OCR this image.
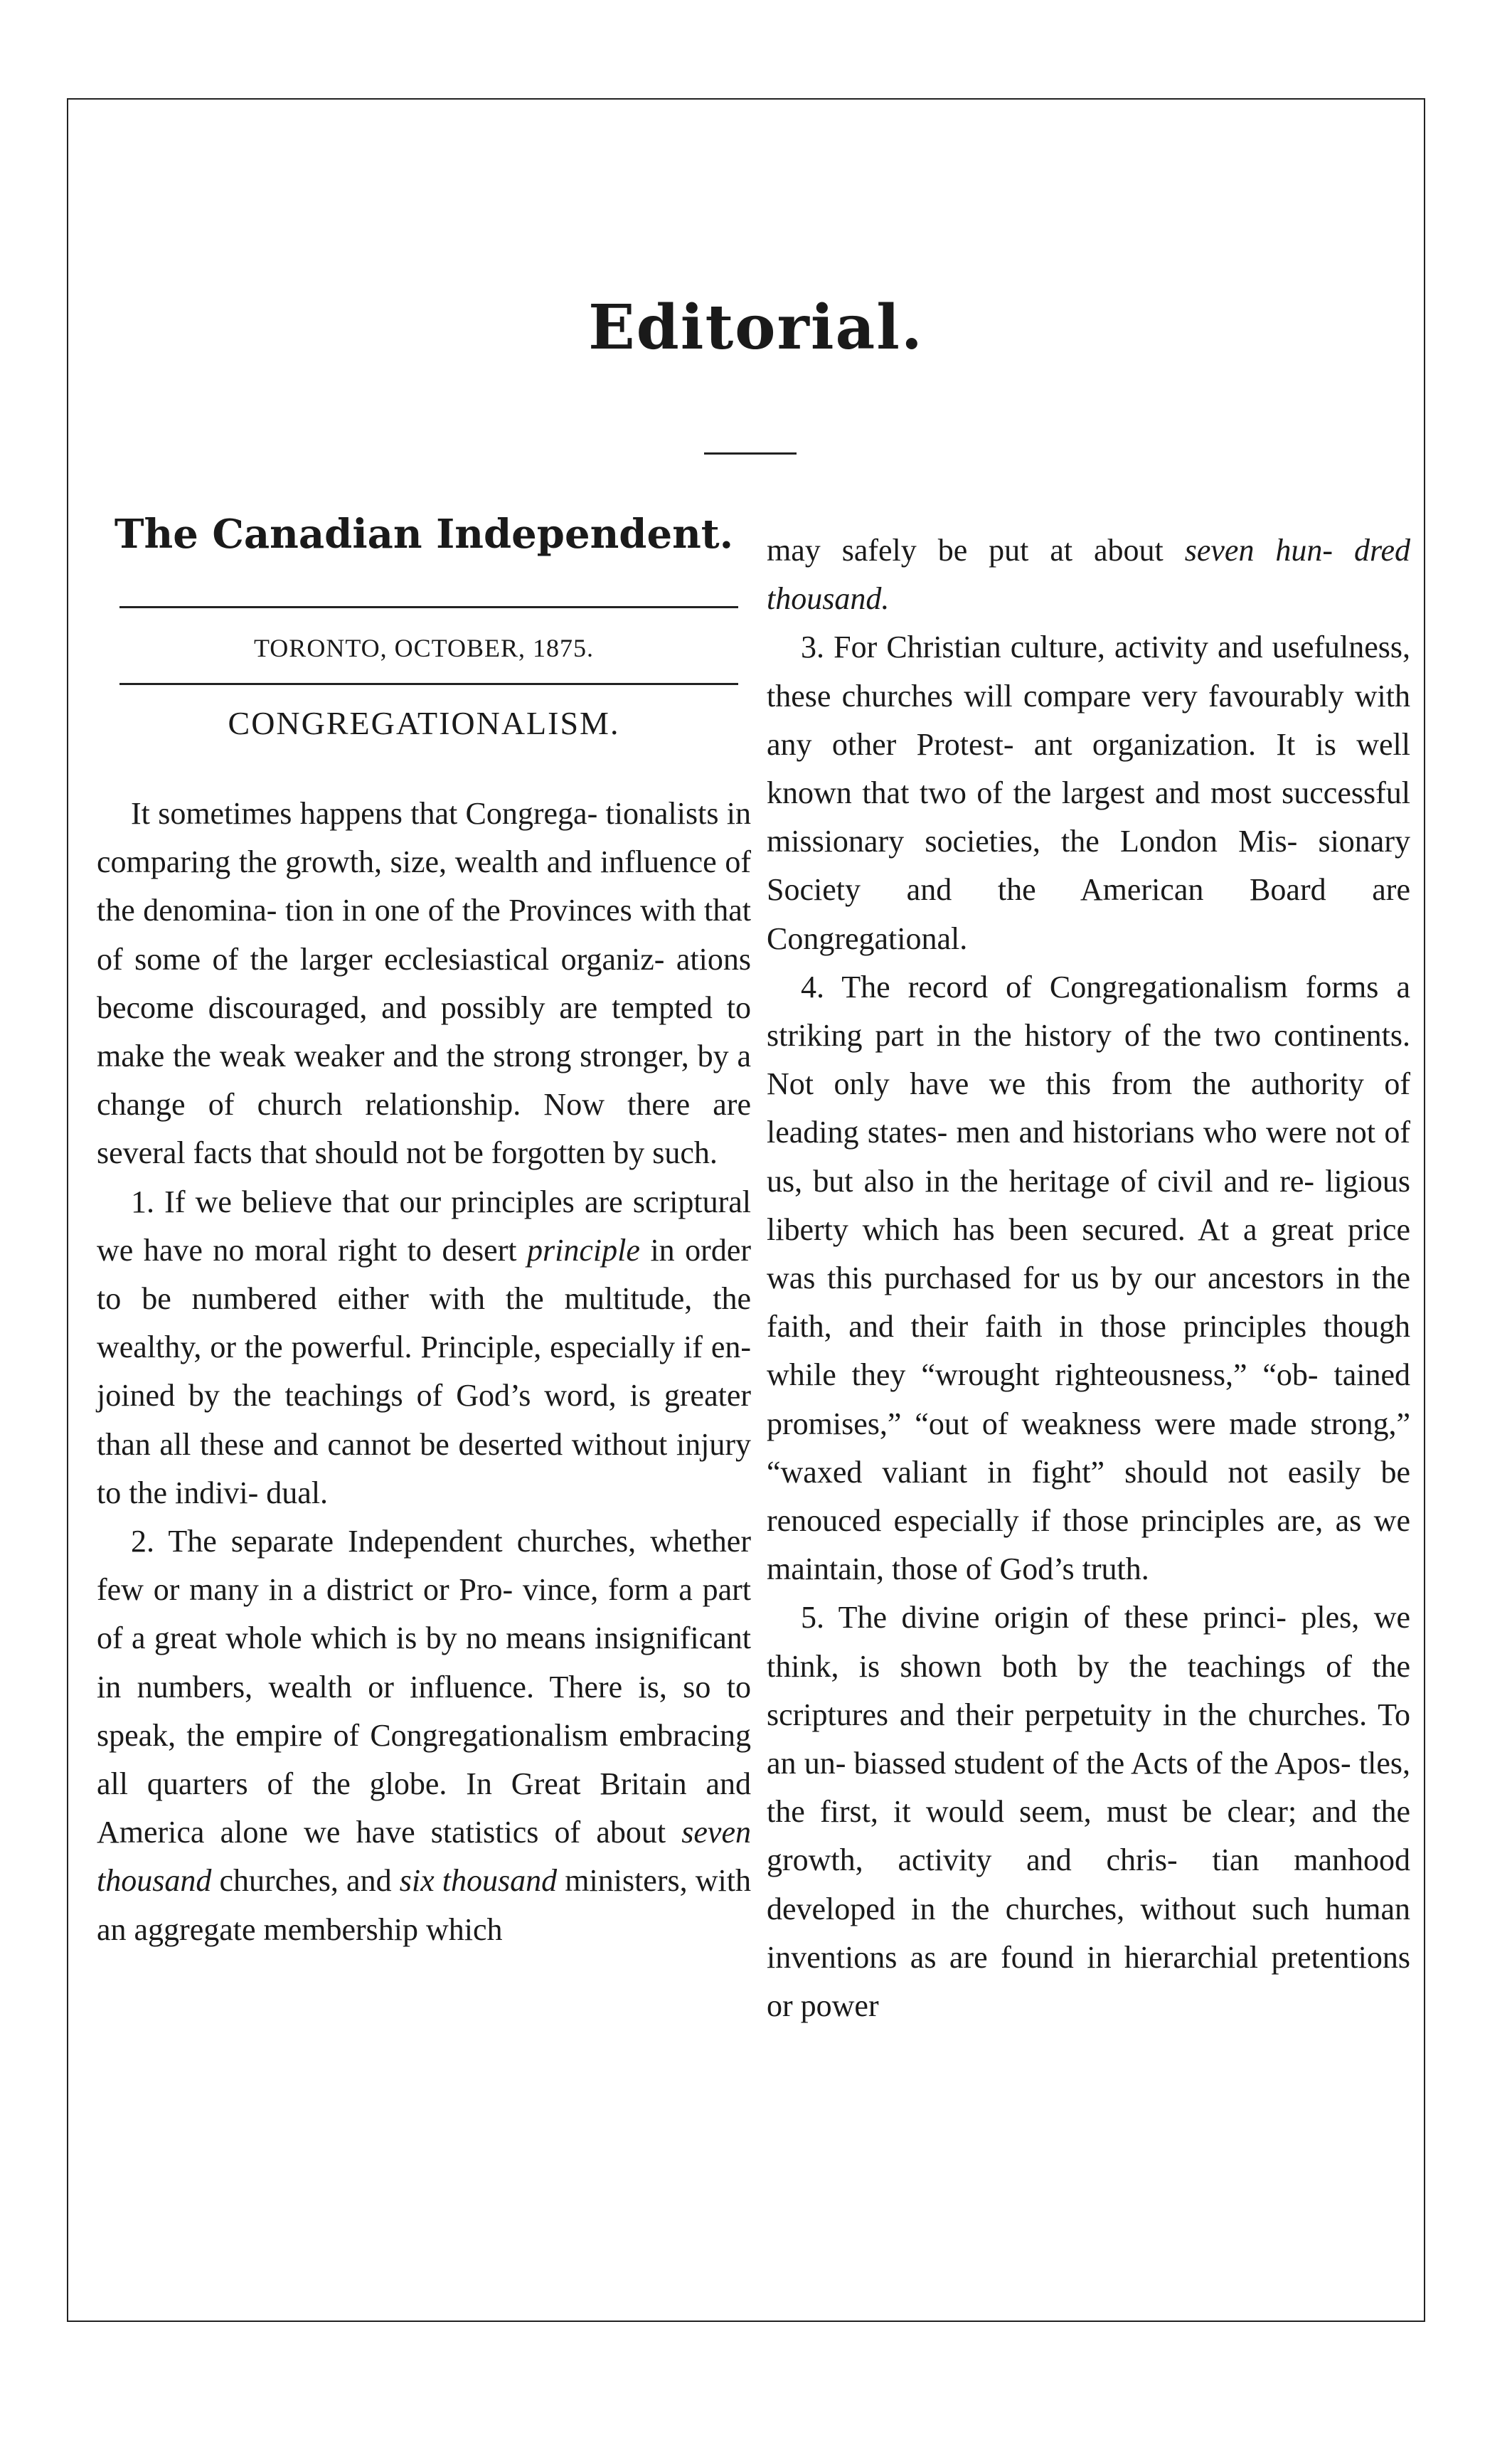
Editorial.
The Canadian Independent.
TORONTO, OCTOBER, 1875.
CONGREGATIONALISM.

It sometimes happens that Congrega- tionalists in comparing the growth, size, wealth and influence of the denomina- tion in one of the Provinces with that of some of the larger ecclesiastical organiz- ations become discouraged, and possibly are tempted to make the weak weaker and the strong stronger, by a change of church relationship. Now there are several facts that should not be forgotten by such.

1. If we believe that our principles are scriptural we have no moral right to desert principle in order to be numbered either with the multitude, the wealthy, or the powerful. Principle, especially if en- joined by the teachings of God’s word, is greater than all these and cannot be deserted without injury to the indivi- dual.

2. The separate Independent churches, whether few or many in a district or Pro- vince, form a part of a great whole which is by no means insignificant in numbers, wealth or influence. There is, so to speak, the empire of Congregationalism embracing all quarters of the globe. In Great Britain and America alone we have statistics of about seven thousand churches, and six thousand ministers, with an aggregate membership which

may safely be put at about seven hun- dred thousand.

3. For Christian culture, activity and usefulness, these churches will compare very favourably with any other Protest- ant organization. It is well known that two of the largest and most successful missionary societies, the London Mis- sionary Society and the American Board are Congregational.

4. The record of Congregationalism forms a striking part in the history of the two continents. Not only have we this from the authority of leading states- men and historians who were not of us, but also in the heritage of civil and re- ligious liberty which has been secured. At a great price was this purchased for us by our ancestors in the faith, and their faith in those principles though while they “wrought righteousness,” “ob- tained promises,” “out of weakness were made strong,” “waxed valiant in fight” should not easily be renouced especially if those principles are, as we maintain, those of God’s truth.

5. The divine origin of these princi- ples, we think, is shown both by the teachings of the scriptures and their perpetuity in the churches. To an un- biassed student of the Acts of the Apos- tles, the first, it would seem, must be clear; and the growth, activity and chris- tian manhood developed in the churches, without such human inventions as are found in hierarchial pretentions or power
